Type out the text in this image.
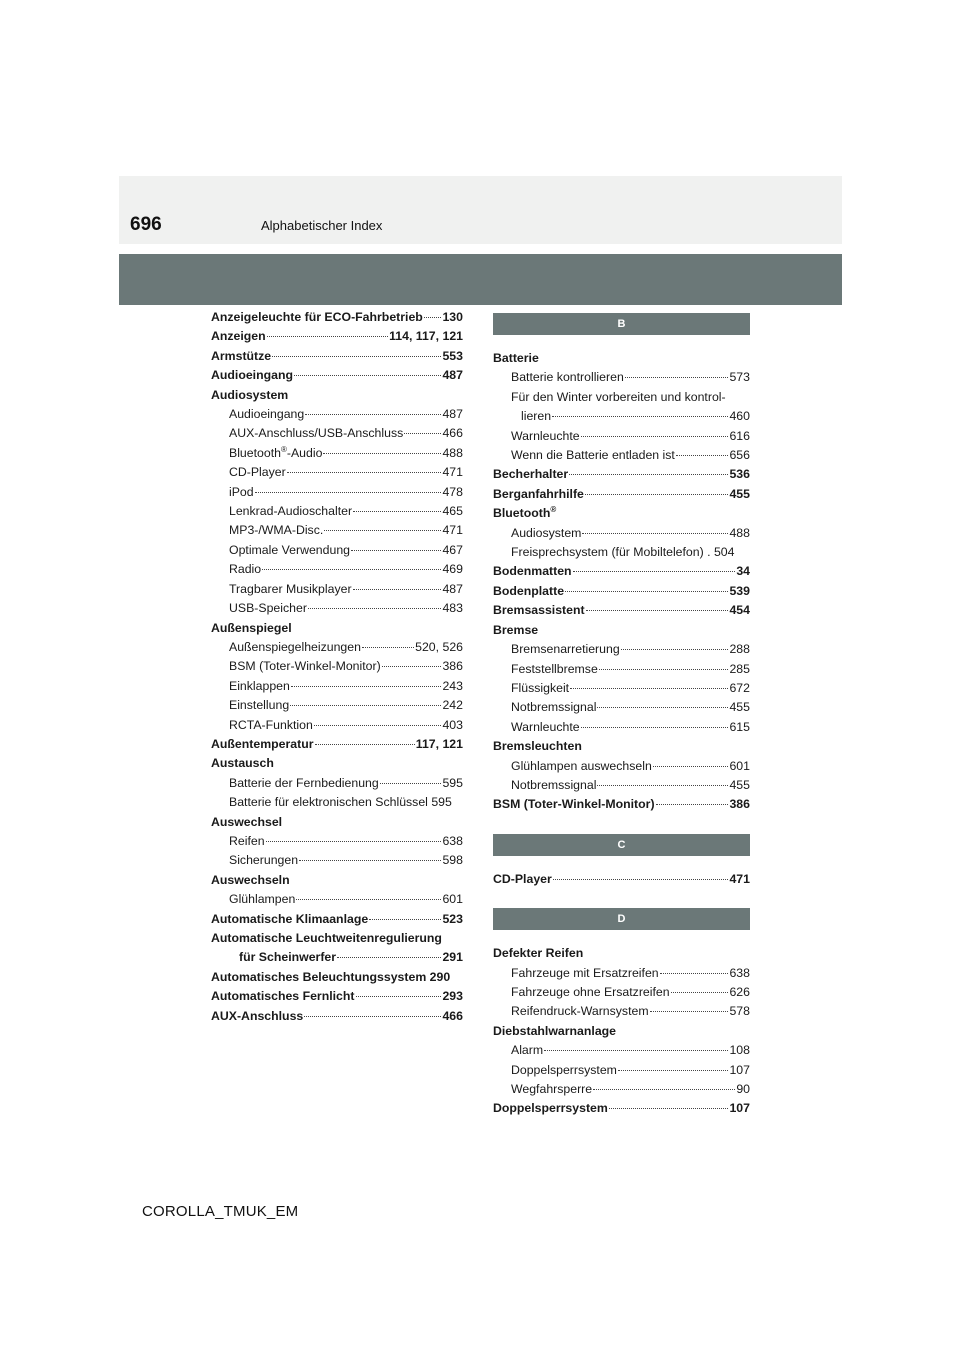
696	Alphabetischer Index
Anzeigeleuchte für ECO-Fahrbetrieb 130
Anzeigen	114, 117, 121
Armstütze	553
Audioeingang	487
Audiosystem
Audioeingang	487
AUX-Anschluss/USB-Anschluss	466
Bluetooth®-Audio	488
CD-Player	471
iPod	478
Lenkrad-Audioschalter	465
MP3-/WMA-Disc.	471
Optimale Verwendung	467
Radio	469
Tragbarer Musikplayer	487
USB-Speicher	483
Außenspiegel
Außenspiegelheizungen	520, 526
BSM (Toter-Winkel-Monitor)	386
Einklappen	243
Einstellung	242
RCTA-Funktion	403
Außentemperatur	117, 121
Austausch
Batterie der Fernbedienung	595
Batterie für elektronischen Schlüssel 595
Auswechsel
Reifen	638
Sicherungen	598
Auswechseln
Glühlampen	601
Automatische Klimaanlage	523
Automatische Leuchtweitenregulierung
für Scheinwerfer	291
Automatisches Beleuchtungssystem 290
Automatisches Fernlicht	293
AUX-Anschluss	466
B
Batterie
Batterie kontrollieren	573
Für den Winter vorbereiten und kontrol-
lieren	460
Warnleuchte	616
Wenn die Batterie entladen ist	656
Becherhalter	536
Berganfahrhilfe	455
Bluetooth®
Audiosystem	488
Freisprechsystem (für Mobiltelefon) . 504
Bodenmatten	34
Bodenplatte	539
Bremsassistent	454
Bremse
Bremsenarretierung	288
Feststellbremse	285
Flüssigkeit	672
Notbremssignal	455
Warnleuchte	615
Bremsleuchten
Glühlampen auswechseln	601
Notbremssignal	455
BSM (Toter-Winkel-Monitor)	386
C
CD-Player	471
D
Defekter Reifen
Fahrzeuge mit Ersatzreifen	638
Fahrzeuge ohne Ersatzreifen	626
Reifendruck-Warnsystem	578
Diebstahlwarnanlage
Alarm	108
Doppelsperrsystem	107
Wegfahrsperre	90
Doppelsperrsystem	107
COROLLA_TMUK_EM
